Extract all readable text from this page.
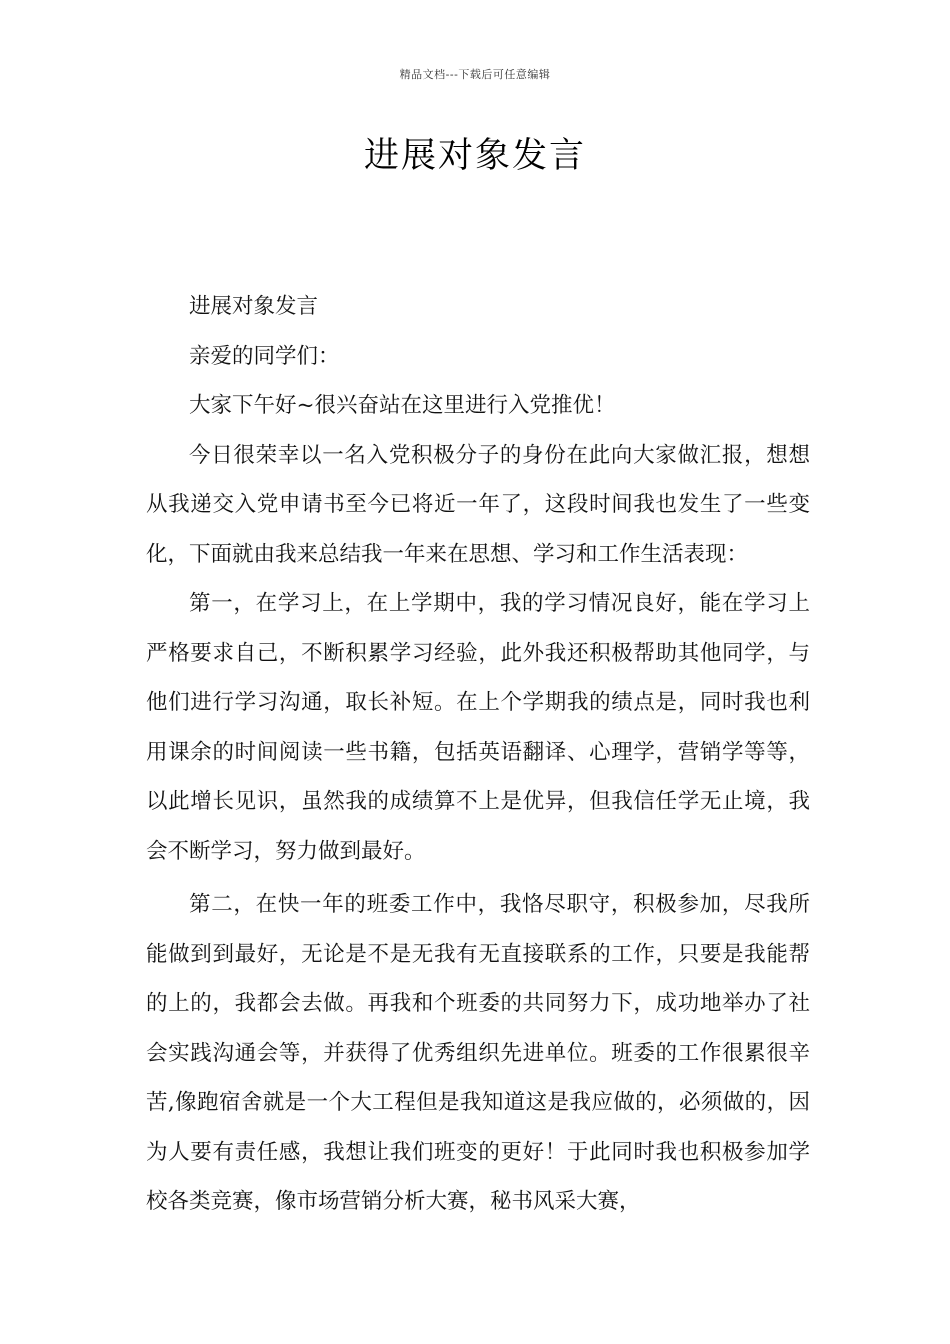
精品文档---下载后可任意编辑
进展对象发言

进展对象发言

亲爱的同学们：

大家下午好~很兴奋站在这里进行入党推优！

今日很荣幸以一名入党积极分子的身份在此向大家做汇报，想想从我递交入党申请书至今已将近一年了，这段时间我也发生了一些变化，下面就由我来总结我一年来在思想、学习和工作生活表现：

第一，在学习上，在上学期中，我的学习情况良好，能在学习上严格要求自己，不断积累学习经验，此外我还积极帮助其他同学，与他们进行学习沟通，取长补短。在上个学期我的绩点是，同时我也利用课余的时间阅读一些书籍，包括英语翻译、心理学，营销学等等，以此增长见识，虽然我的成绩算不上是优异，但我信任学无止境，我会不断学习，努力做到最好。

第二，在快一年的班委工作中，我恪尽职守，积极参加，尽我所能做到到最好，无论是不是无我有无直接联系的工作，只要是我能帮的上的，我都会去做。再我和个班委的共同努力下，成功地举办了社会实践沟通会等，并获得了优秀组织先进单位。班委的工作很累很辛苦,像跑宿舍就是一个大工程但是我知道这是我应做的，必须做的，因为人要有责任感，我想让我们班变的更好！于此同时我也积极参加学校各类竞赛，像市场营销分析大赛，秘书风采大赛，
